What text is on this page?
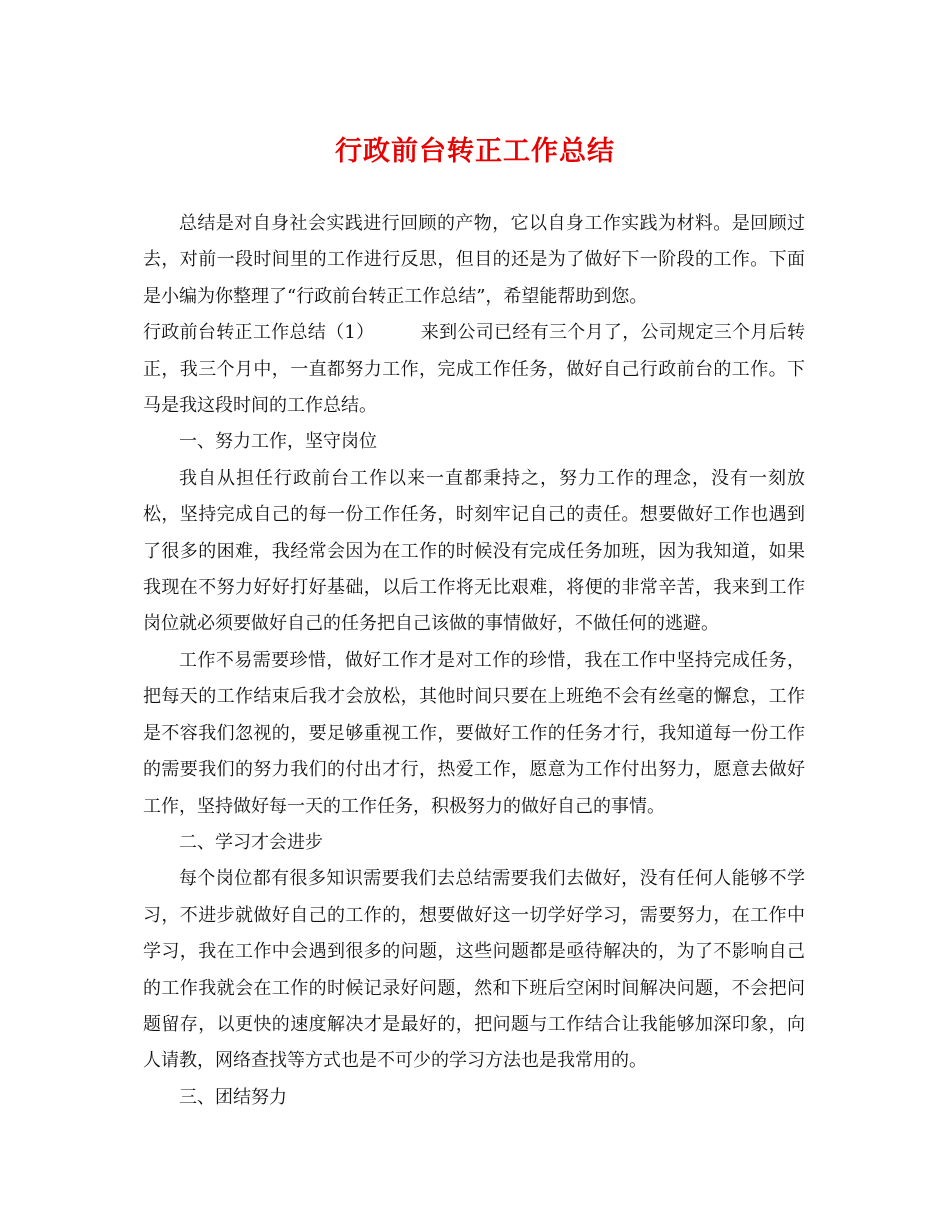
行政前台转正工作总结

总结是对自身社会实践进行回顾的产物，它以自身工作实践为材料。是回顾过去，对前一段时间里的工作进行反思，但目的还是为了做好下一阶段的工作。下面是小编为你整理了“行政前台转正工作总结”，希望能帮助到您。

行政前台转正工作总结（1）	来到公司已经有三个月了，公司规定三个月后转正，我三个月中，一直都努力工作，完成工作任务，做好自己行政前台的工作。下马是我这段时间的工作总结。

一、努力工作，坚守岗位

我自从担任行政前台工作以来一直都秉持之，努力工作的理念，没有一刻放松，坚持完成自己的每一份工作任务，时刻牢记自己的责任。想要做好工作也遇到了很多的困难，我经常会因为在工作的时候没有完成任务加班，因为我知道，如果我现在不努力好好打好基础，以后工作将无比艰难，将便的非常辛苦，我来到工作岗位就必须要做好自己的任务把自己该做的事情做好，不做任何的逃避。

工作不易需要珍惜，做好工作才是对工作的珍惜，我在工作中坚持完成任务，把每天的工作结束后我才会放松，其他时间只要在上班绝不会有丝毫的懈怠，工作是不容我们忽视的，要足够重视工作，要做好工作的任务才行，我知道每一份工作的需要我们的努力我们的付出才行，热爱工作，愿意为工作付出努力，愿意去做好工作，坚持做好每一天的工作任务，积极努力的做好自己的事情。

二、学习才会进步

每个岗位都有很多知识需要我们去总结需要我们去做好，没有任何人能够不学习，不进步就做好自己的工作的，想要做好这一切学好学习，需要努力，在工作中学习，我在工作中会遇到很多的问题，这些问题都是亟待解决的，为了不影响自己的工作我就会在工作的时候记录好问题，然和下班后空闲时间解决问题，不会把问题留存，以更快的速度解决才是最好的，把问题与工作结合让我能够加深印象，向人请教，网络查找等方式也是不可少的学习方法也是我常用的。

三、团结努力
